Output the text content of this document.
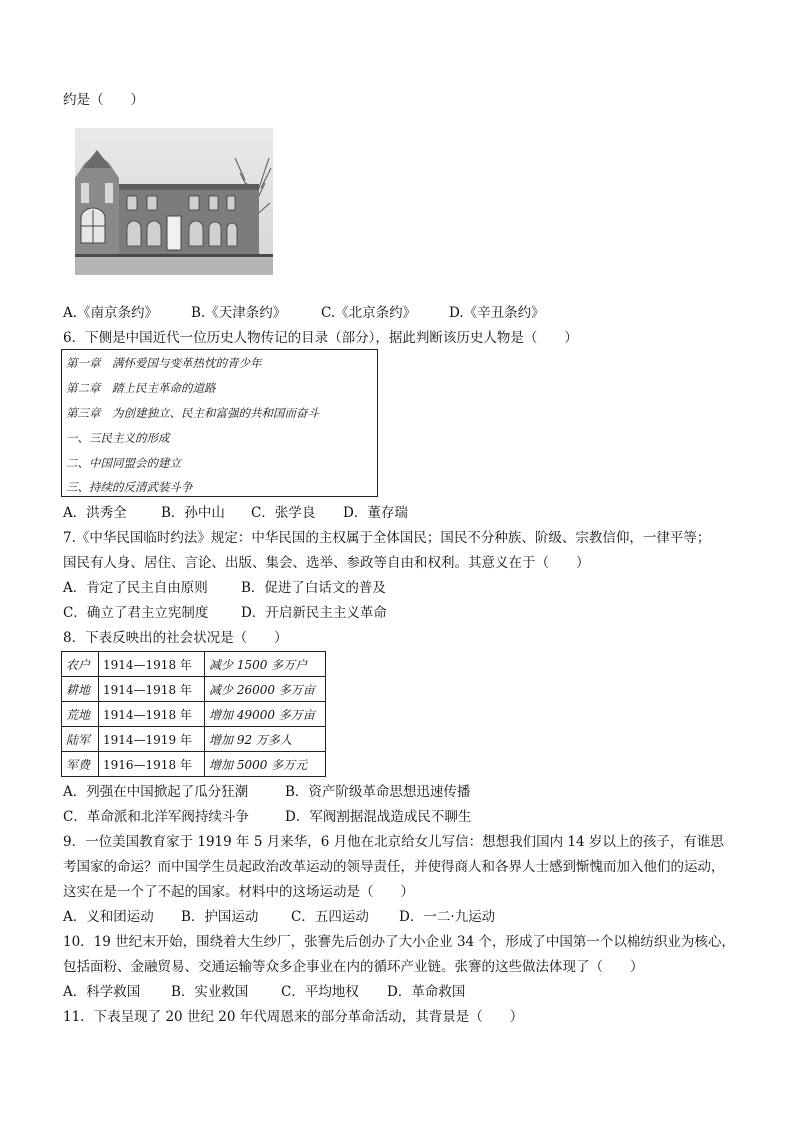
约是（　　）
A.《南京条约》 B.《天津条约》	C.《北京条约》 D.《辛丑条约》
6．下侧是中国近代一位历史人物传记的目录（部分），据此判断该历史人物是（　　）
第一章　满怀爱国与变革热忱的青少年
第二章　踏上民主革命的道路
第三章　为创建独立、民主和富强的共和国而奋斗
一、三民主义的形成
二、中国同盟会的建立
三、持续的反清武装斗争
A．洪秀全	B．孙中山 C．张学良 D．董存瑞
7.《中华民国临时约法》规定：中华民国的主权属于全体国民；国民不分种族、阶级、宗教信仰，一律平等；
国民有人身、居住、言论、出版、集会、选举、参政等自由和权利。其意义在于（　　）
A．肯定了民主自由原则 B．促进了白话文的普及
C．确立了君主立宪制度 D．开启新民主主义革命
8．下表反映出的社会状况是（　　）
农户	1914—1918 年	减少 1500 多万户
耕地	1914—1918 年	减少 26000 多万亩
荒地	1914—1918 年	增加 49000 多万亩
陆军	1914—1919 年	增加 92 万多人
军费	1916—1918 年	增加 5000 多万元
A．列强在中国掀起了瓜分狂潮	B．资产阶级革命思想迅速传播
C．革命派和北洋军阀持续斗争	D．军阀割据混战造成民不聊生
9．一位美国教育家于 1919 年 5 月来华，6 月他在北京给女儿写信：想想我们国内 14 岁以上的孩子，有谁思
考国家的命运？而中国学生员起政治改革运动的领导责任，并使得商人和各界人士感到惭愧而加入他们的运动，
这实在是一个了不起的国家。材料中的这场运动是（　　）
A．义和团运动 B．护国运动 C．五四运动 D．一二·九运动
10．19 世纪末开始，围绕着大生纱厂，张謇先后创办了大小企业 34 个，形成了中国第一个以棉纺织业为核心，
包括面粉、金融贸易、交通运输等众多企事业在内的循环产业链。张謇的这些做法体现了（　　）
A．科学救国 B．实业救国 C．平均地权 D．革命救国
11．下表呈现了 20 世纪 20 年代周恩来的部分革命活动，其背景是（　　）
